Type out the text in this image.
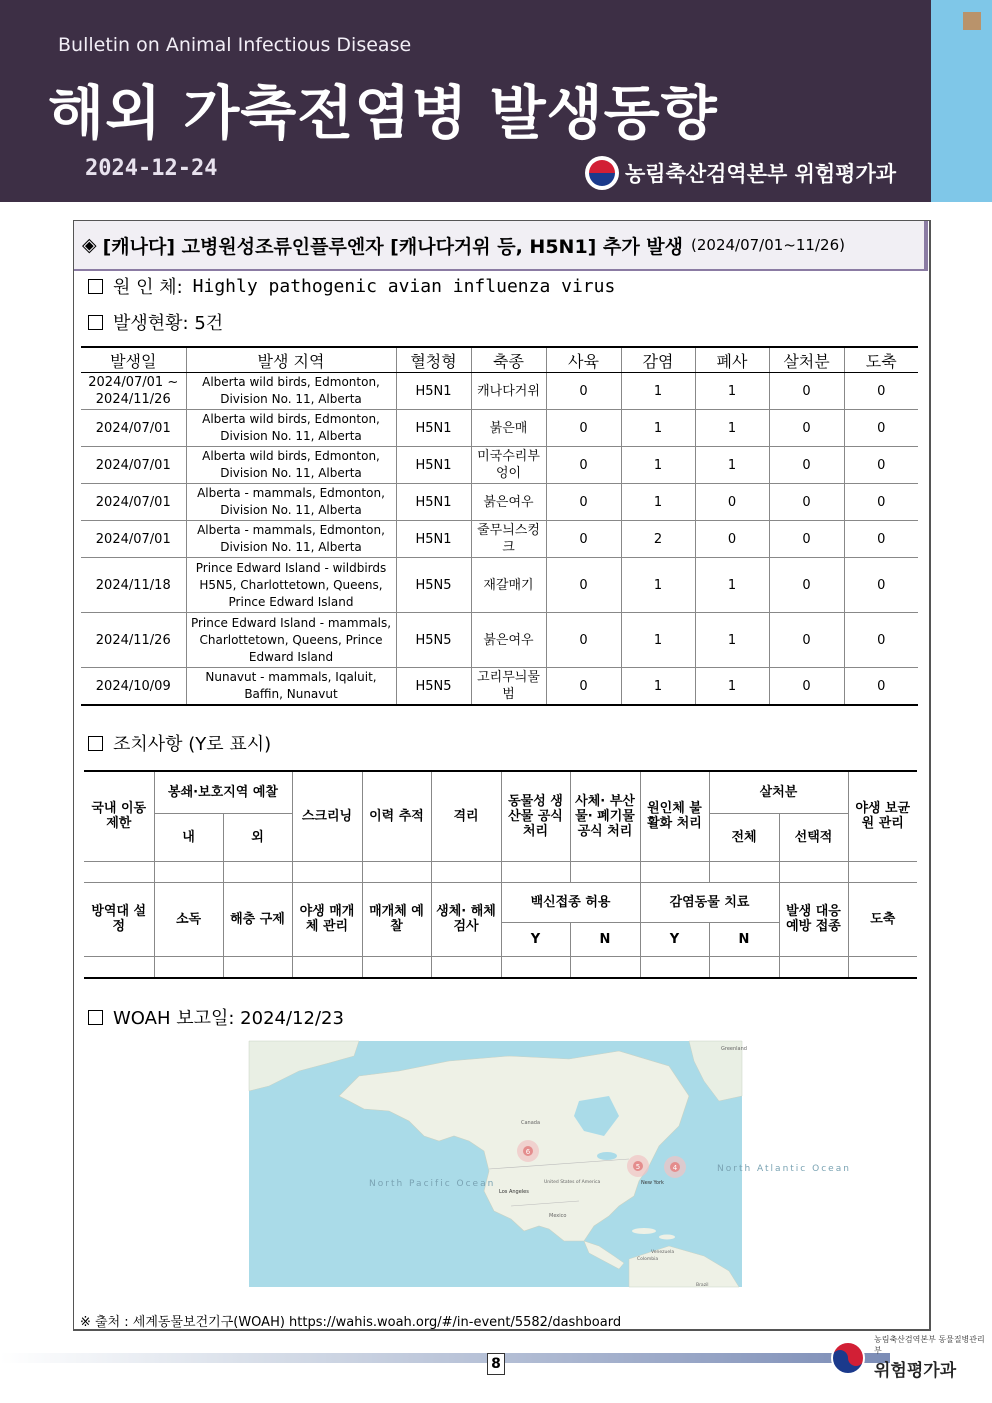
Bulletin on Animal Infectious Disease
해외 가축전염병 발생동향
2024-12-24	농림축산검역본부 위험평가과
◈ [캐나다] 고병원성조류인플루엔자 [캐나다거위 등, H5N1] 추가 발생 (2024/07/01~11/26)
원 인 체: Highly pathogenic avian influenza virus
발생현황: 5건
발생일	발생 지역	혈청형	축종	사육	감염	폐사	살처분	도축
2024/07/01 ~ 2024/11/26	Alberta wild birds, Edmonton, Division No. 11, Alberta	H5N1	캐나다거위	0	1	1	0	0
2024/07/01	Alberta wild birds, Edmonton, Division No. 11, Alberta	H5N1	붉은매	0	1	1	0	0
2024/07/01	Alberta wild birds, Edmonton, Division No. 11, Alberta	H5N1	미국수리부엉이	0	1	1	0	0
2024/07/01	Alberta - mammals, Edmonton, Division No. 11, Alberta	H5N1	붉은여우	0	1	0	0	0
2024/07/01	Alberta - mammals, Edmonton, Division No. 11, Alberta	H5N1	줄무늬스컹크	0	2	0	0	0
2024/11/18	Prince Edward Island - wildbirds H5N5, Charlottetown, Queens, Prince Edward Island	H5N5	재갈매기	0	1	1	0	0
2024/11/26	Prince Edward Island - mammals, Charlottetown, Queens, Prince Edward Island	H5N5	붉은여우	0	1	1	0	0
2024/10/09	Nunavut - mammals, Iqaluit, Baffin, Nunavut	H5N5	고리무늬물범	0	1	1	0	0
조치사항 (Y로 표시)
국내 이동 제한	봉쇄·보호지역 예찰		스크리닝	이력 추적	격리	동물성 생산물 공식 처리	사체· 부산물· 폐기물 공식 처리	원인체 불활화 처리	살처분		야생 보균원 관리
	내	외							전체	선택적	

방역대 설정	소독	해충 구제	야생 매개체 관리	매개체 예찰	생체· 해체 검사	백신접종 허용		감염동물 치료		발생 대응 예방 접종	도축
						Y	N	Y	N		

WOAH 보고일: 2024/12/23
6
5	4
Greenland
Canada
North Pacific Ocean	United States of America
Los Angeles
New York
Mexico
Venezuela
Colombia
Brazil
North Atlantic Ocean
※ 출처 : 세계동물보건기구(WOAH) https://wahis.woah.org/#/in-event/5582/dashboard
8
농림축산검역본부 동물질병관리부
위험평가과
